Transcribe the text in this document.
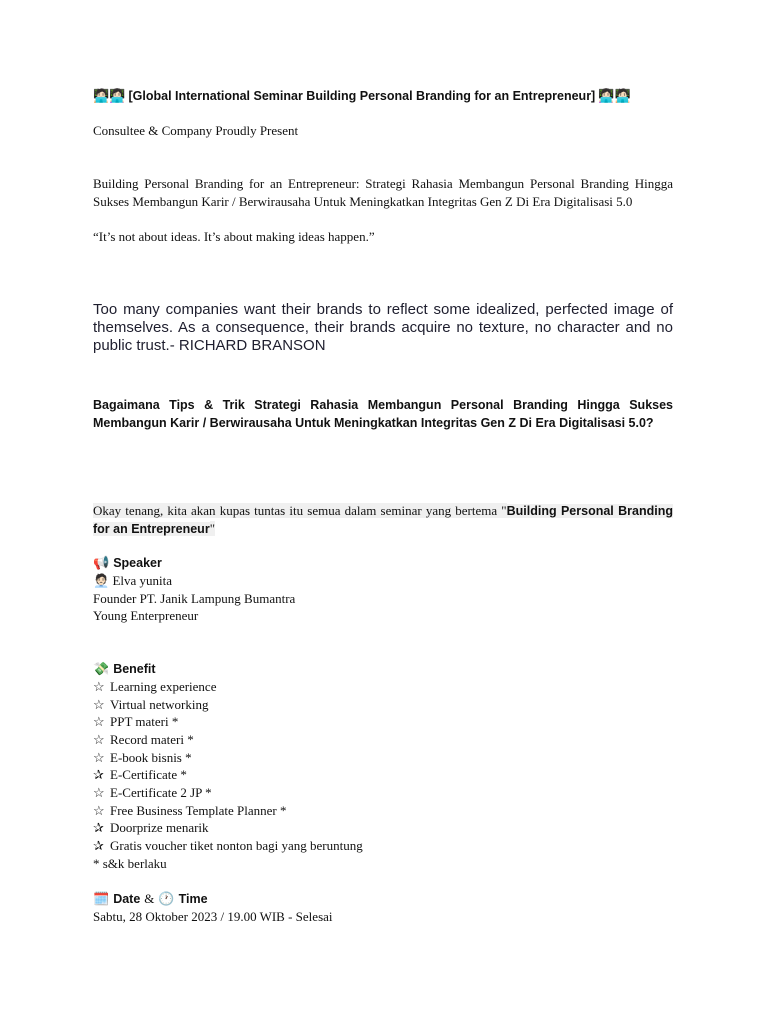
🧑🏻‍💻👩🏻‍💻 [Global International Seminar Building Personal Branding for an Entrepreneur] 👩🏻‍💻🧑🏻‍💻
Consultee & Company Proudly Present
Building Personal Branding for an Entrepreneur: Strategi Rahasia Membangun Personal Branding Hingga Sukses Membangun Karir / Berwirausaha Untuk Meningkatkan Integritas Gen Z Di Era Digitalisasi 5.0
“It’s not about ideas. It’s about making ideas happen.”
Too many companies want their brands to reflect some idealized, perfected image of themselves. As a consequence, their brands acquire no texture, no character and no public trust.- RICHARD BRANSON
Bagaimana Tips & Trik Strategi Rahasia Membangun Personal Branding Hingga Sukses Membangun Karir / Berwirausaha Untuk Meningkatkan Integritas Gen Z Di Era Digitalisasi 5.0?
Okay tenang, kita akan kupas tuntas itu semua dalam seminar yang bertema "Building Personal Branding for an Entrepreneur"
📢 Speaker
🧑🏻‍💼 Elva yunita
Founder PT. Janik Lampung Bumantra
Young Enterpreneur
💸 Benefit
☆ Learning experience
☆ Virtual networking
☆ PPT materi *
☆ Record materi *
☆ E-book bisnis *
✰ E-Certificate *
☆ E-Certificate 2 JP *
☆ Free Business Template Planner *
✰ Doorprize menarik
✰ Gratis voucher tiket nonton bagi yang beruntung
* s&k berlaku
🗓️ Date & 🕐 Time
Sabtu, 28 Oktober 2023 / 19.00 WIB - Selesai
